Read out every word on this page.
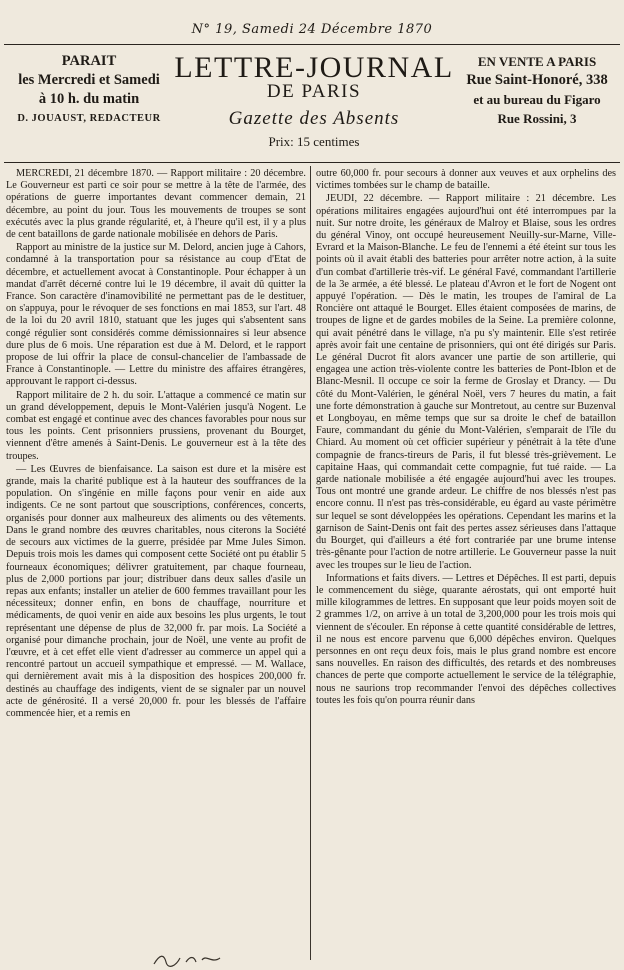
N° 19, Samedi 24 Décembre 1870
PARAIT
les Mercredi et Samedi
à 10 h. du matin
D. JOUAUST, REDACTEUR
LETTRE-JOURNAL
DE PARIS
Gazette des Absents
Prix: 15 centimes
EN VENTE A PARIS
Rue Saint-Honoré, 338
et au bureau du Figaro
Rue Rossini, 3

MERCREDI, 21 décembre 1870. — Rapport militaire : 20 décembre. Le Gouverneur est parti ce soir pour se mettre à la tête de l'armée, des opérations de guerre importantes devant commencer demain, 21 décembre, au point du jour. Tous les mouvements de troupes se sont exécutés avec la plus grande régularité, et, à l'heure qu'il est, il y a plus de cent bataillons de garde nationale mobilisée en dehors de Paris.

Rapport au ministre de la justice sur M. Delord, ancien juge à Cahors, condamné à la transportation pour sa résistance au coup d'Etat de décembre, et actuellement avocat à Constantinople. Pour échapper à un mandat d'arrêt décerné contre lui le 19 décembre, il avait dû quitter la France. Son caractère d'inamovibilité ne permettant pas de le destituer, on s'appuya, pour le révoquer de ses fonctions en mai 1853, sur l'art. 48 de la loi du 20 avril 1810, statuant que les juges qui s'absentent sans congé régulier sont considérés comme démissionnaires si leur absence dure plus de 6 mois. Une réparation est due à M. Delord, et le rapport propose de lui offrir la place de consul-chancelier de l'ambassade de France à Constantinople. — Lettre du ministre des affaires étrangères, approuvant le rapport ci-dessus.

Rapport militaire de 2 h. du soir. L'attaque a commencé ce matin sur un grand développement, depuis le Mont-Valérien jusqu'à Nogent. Le combat est engagé et continue avec des chances favorables pour nous sur tous les points. Cent prisonniers prussiens, provenant du Bourget, viennent d'être amenés à Saint-Denis. Le gouverneur est à la tête des troupes.

— Les Œuvres de bienfaisance. La saison est dure et la misère est grande, mais la charité publique est à la hauteur des souffrances de la population. On s'ingénie en mille façons pour venir en aide aux indigents. Ce ne sont partout que souscriptions, conférences, concerts, organisés pour donner aux malheureux des aliments ou des vêtements. Dans le grand nombre des œuvres charitables, nous citerons la Société de secours aux victimes de la guerre, présidée par Mme Jules Simon. Depuis trois mois les dames qui composent cette Société ont pu établir 5 fourneaux économiques; délivrer gratuitement, par chaque fourneau, plus de 2,000 portions par jour; distribuer dans deux salles d'asile un repas aux enfants; installer un atelier de 600 femmes travaillant pour les nécessiteux; donner enfin, en bons de chauffage, nourriture et médicaments, de quoi venir en aide aux besoins les plus urgents, le tout représentant une dépense de plus de 32,000 fr. par mois. La Société a organisé pour dimanche prochain, jour de Noël, une vente au profit de l'œuvre, et à cet effet elle vient d'adresser au commerce un appel qui a rencontré partout un accueil sympathique et empressé. — M. Wallace, qui dernièrement avait mis à la disposition des hospices 200,000 fr. destinés au chauffage des indigents, vient de se signaler par un nouvel acte de générosité. Il a versé 20,000 fr. pour les blessés de l'affaire commencée hier, et a remis en

outre 60,000 fr. pour secours à donner aux veuves et aux orphelins des victimes tombées sur le champ de bataille.

JEUDI, 22 décembre. — Rapport militaire : 21 décembre. Les opérations militaires engagées aujourd'hui ont été interrompues par la nuit. Sur notre droite, les généraux de Malroy et Blaise, sous les ordres du général Vinoy, ont occupé heureusement Neuilly-sur-Marne, Ville-Evrard et la Maison-Blanche. Le feu de l'ennemi a été éteint sur tous les points où il avait établi des batteries pour arrêter notre action, à la suite d'un combat d'artillerie très-vif. Le général Favé, commandant l'artillerie de la 3e armée, a été blessé. Le plateau d'Avron et le fort de Nogent ont appuyé l'opération. — Dès le matin, les troupes de l'amiral de La Roncière ont attaqué le Bourget. Elles étaient composées de marins, de troupes de ligne et de gardes mobiles de la Seine. La première colonne, qui avait pénétré dans le village, n'a pu s'y maintenir. Elle s'est retirée après avoir fait une centaine de prisonniers, qui ont été dirigés sur Paris. Le général Ducrot fit alors avancer une partie de son artillerie, qui engagea une action très-violente contre les batteries de Pont-Iblon et de Blanc-Mesnil. Il occupe ce soir la ferme de Groslay et Drancy. — Du côté du Mont-Valérien, le général Noël, vers 7 heures du matin, a fait une forte démonstration à gauche sur Montretout, au centre sur Buzenval et Longboyau, en même temps que sur sa droite le chef de bataillon Faure, commandant du génie du Mont-Valérien, s'emparait de l'île du Chiard. Au moment où cet officier supérieur y pénétrait à la tête d'une compagnie de francs-tireurs de Paris, il fut blessé très-grièvement. Le capitaine Haas, qui commandait cette compagnie, fut tué raide. — La garde nationale mobilisée a été engagée aujourd'hui avec les troupes. Tous ont montré une grande ardeur. Le chiffre de nos blessés n'est pas encore connu. Il n'est pas très-considérable, eu égard au vaste périmètre sur lequel se sont développées les opérations. Cependant les marins et la garnison de Saint-Denis ont fait des pertes assez sérieuses dans l'attaque du Bourget, qui d'ailleurs a été fort contrariée par une brume intense très-gênante pour l'action de notre artillerie. Le Gouverneur passe la nuit avec les troupes sur le lieu de l'action.

Informations et faits divers. — Lettres et Dépêches. Il est parti, depuis le commencement du siège, quarante aérostats, qui ont emporté huit mille kilogrammes de lettres. En supposant que leur poids moyen soit de 2 grammes 1/2, on arrive à un total de 3,200,000 pour les trois mois qui viennent de s'écouler. En réponse à cette quantité considérable de lettres, il ne nous est encore parvenu que 6,000 dépêches environ. Quelques personnes en ont reçu deux fois, mais le plus grand nombre est encore sans nouvelles. En raison des difficultés, des retards et des nombreuses chances de perte que comporte actuellement le service de la télégraphie, nous ne saurions trop recommander l'envoi des dépêches collectives toutes les fois qu'on pourra réunir dans
